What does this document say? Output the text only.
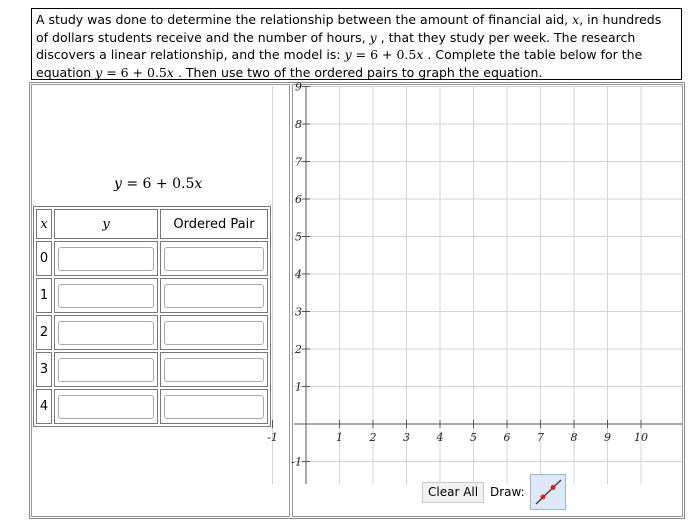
A study was done to determine the relationship between the amount of financial aid, x, in hundreds of dollars students receive and the number of hours, y , that they study per week. The research discovers a linear relationship, and the model is: y = 6 + 0.5x . Complete the table below for the equation y = 6 + 0.5x . Then use two of the ordered pairs to graph the equation.
y = 6 + 0.5x
x	y	Ordered Pair
0	

1	

2	

3	

4	

-1	1 2 3 4 5 6 7 8 9 10
9
8
7
6
5
4
3
2
1
-1
Clear All Draw:
